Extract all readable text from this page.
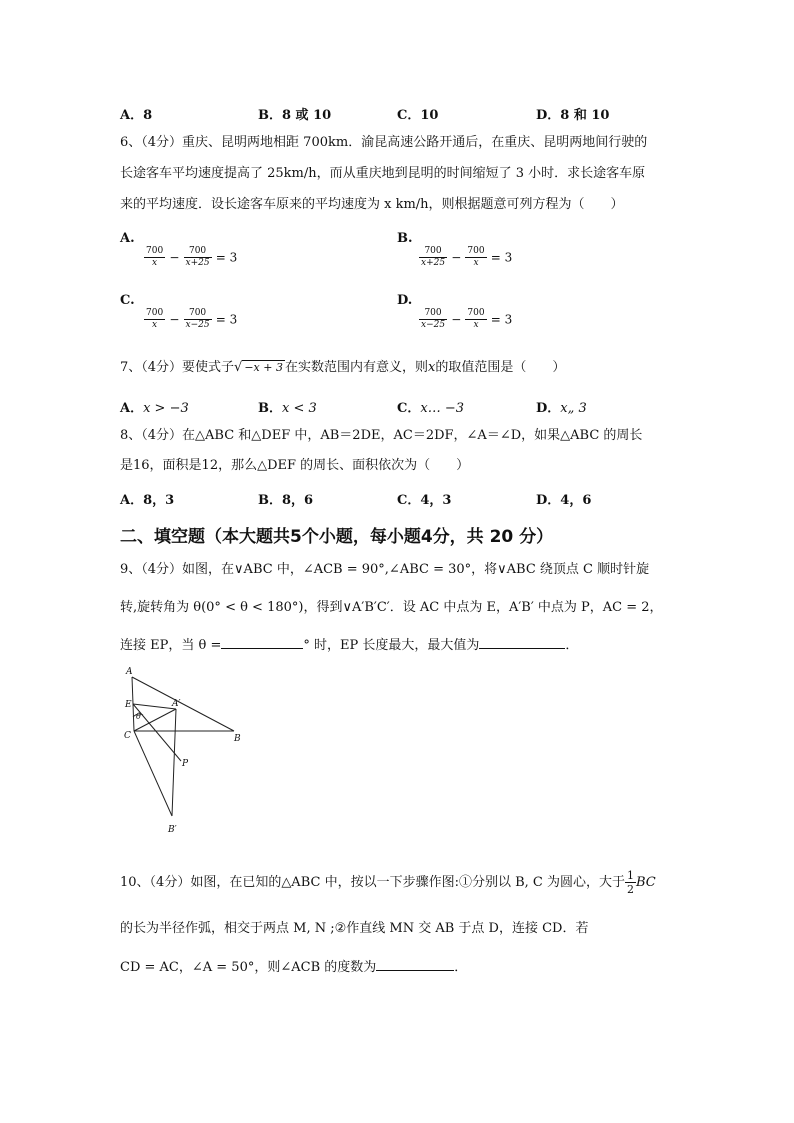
A．8	B．8 或 10	C．10	D．8 和 10
6、（4分）重庆、昆明两地相距 700km．渝昆高速公路开通后，在重庆、昆明两地间行驶的
长途客车平均速度提高了 25km/h，而从重庆地到昆明的时间缩短了 3 小时．求长途客车原
来的平均速度．设长途客车原来的平均速度为 x km/h，则根据题意可列方程为（　　）
A.

$\frac{700}{x} - \frac{700}{x+25} = 3$
B.

$\frac{700}{x+25} - \frac{700}{x} = 3$
C.

$\frac{700}{x} - \frac{700}{x-25} = 3$
D.

$\frac{700}{x-25} - \frac{700}{x} = 3$
7、（4分）要使式子√ −x + 3 在实数范围内有意义，则x的取值范围是（　　）
A．x > −3	B．x < 3	C．x… −3	D．x„ 3
8、（4分）在△ABC 和△DEF 中，AB＝2DE，AC＝2DF，∠A＝∠D，如果△ABC 的周长
是16，面积是12，那么△DEF 的周长、面积依次为（　　）
A．8，3	B．8，6	C．4，3	D．4，6
二、填空题（本大题共5个小题，每小题4分，共 20 分）
9、（4分）如图，在∨ABC 中，∠ACB = 90°,∠ABC = 30°，将∨ABC 绕顶点 C 顺时针旋
转,旋转角为 θ(0° < θ < 180°)，得到∨A′B′C′．设 AC 中点为 E，A′B′ 中点为 P，AC = 2，
连接 EP，当 θ =	° 时，EP 长度最大，最大值为	．
A
A′
E
θ
C	B
P
B′
10、（4分）如图，在已知的△ABC 中，按以一下步骤作图:①分别以 B, C 为圆心，大于 $\frac{1}{2}$ BC
的长为半径作弧，相交于两点 M, N ;②作直线 MN 交 AB 于点 D，连接 CD．若
CD = AC，∠A = 50°，则∠ACB 的度数为	．
